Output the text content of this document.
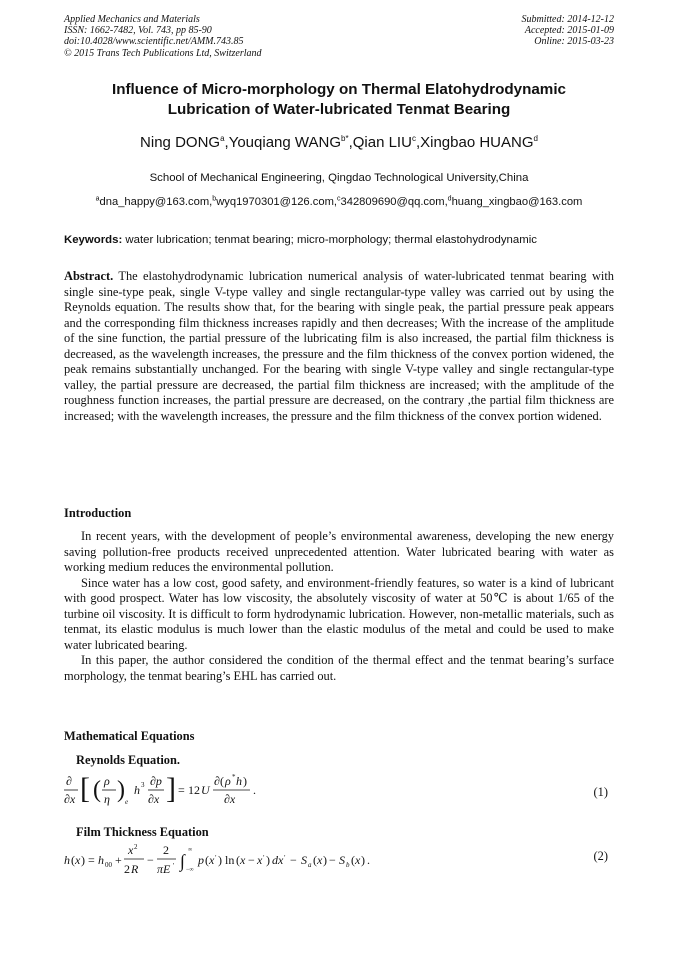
Applied Mechanics and Materials
ISSN: 1662-7482, Vol. 743, pp 85-90
doi:10.4028/www.scientific.net/AMM.743.85
© 2015 Trans Tech Publications Ltd, Switzerland
Submitted: 2014-12-12
Accepted: 2015-01-09
Online: 2015-03-23
Influence of Micro-morphology on Thermal Elatohydrodynamic
Lubrication of Water-lubricated Tenmat Bearing
Ning DONG$^a$,Youqiang $WANG^{b*},Qian$ LIU$^c$,Xingbao HUANG$^d$
School of Mechanical Engineering, Qingdao Technological University,China
$^a$dna_happy@163.com,$^b$wyq1970301@126.com,$^c$342809690@qq.com,$^d$huang_xingbao@163.com
Keywords: water lubrication; tenmat bearing; micro-morphology; thermal elastohydrodynamic
Abstract. The elastohydrodynamic lubrication numerical analysis of water-lubricated tenmat bearing with single sine-type peak, single V-type valley and single rectangular-type valley was carried out by using the Reynolds equation. The results show that, for the bearing with single peak, the partial pressure peak appears and the corresponding film thickness increases rapidly and then decreases; With the increase of the amplitude of the sine function, the partial pressure of the lubricating film is also increased, the partial film thickness is decreased, as the wavelength increases, the pressure and the film thickness of the convex portion widened, the peak remains substantially unchanged. For the bearing with single V-type valley and single rectangular-type valley, the partial pressure are decreased, the partial film thickness are increased; with the amplitude of the roughness function increases, the partial pressure are decreased, on the contrary ,the partial film thickness are increased; with the wavelength increases, the pressure and the film thickness of the convex portion widened.
Introduction

In recent years, with the development of people’s environmental awareness, developing the new energy saving pollution-free products received unprecedented attention. Water lubricated bearing with water as working medium reduces the environmental pollution.

Since water has a low cost, good safety, and environment-friendly features, so water is a kind of lubricant with good prospect. Water has low viscosity, the absolutely viscosity of water at 50℃ is about 1/65 of the turbine oil viscosity. It is difficult to form hydrodynamic lubrication. However, non-metallic materials, such as tenmat, its elastic modulus is much lower than the elastic modulus of the metal and could be used to make water lubricated bearing.

In this paper, the author considered the condition of the thermal effect and the tenmat bearing’s surface morphology, the tenmat bearing’s EHL has carried out.

Mathematical Equations
Reynolds Equation.
∂
∂x [ ( ρ
η ) e
h 3 ∂p
∂x ] = 12 U
∂ ( ρ * h )
∂x
.	(1)
Film Thickness Equation
h ( x ) = h 00 +
x 2
2 R
−
2
πE ' ∫
∞
−∞
p ( x ′ ) ln ( x − x ′ ) dx ′ − S a ( x ) − S b ( x ) .	(2)
